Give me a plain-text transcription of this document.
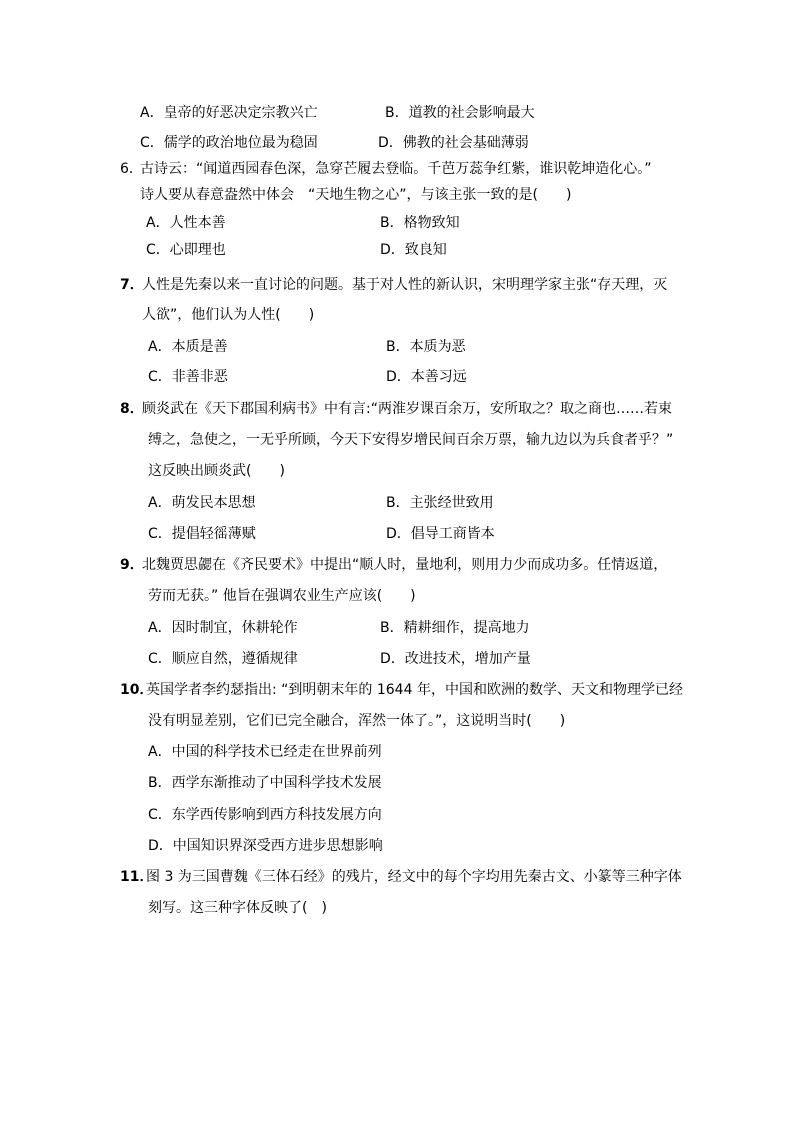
A．皇帝的好恶决定宗教兴亡	B．道教的社会影响最大
C．儒学的政治地位最为稳固	D．佛教的社会基础薄弱
6．
古诗云：“闻道西园春色深，急穿芒履去登临。千芭万蕊争红紫，谁识乾坤造化心。”
诗人要从春意盎然中体会　“天地生物之心”，与该主张一致的是(　　)
A．人性本善	B．格物致知
C．心即理也	D．致良知
7．
人性是先秦以来一直讨论的问题。基于对人性的新认识，宋明理学家主张“存天理，灭
人欲”，他们认为人性(　　)
A．本质是善	B．本质为恶
C．非善非恶	D．本善习远
8．
顾炎武在《天下郡国利病书》中有言:“两淮岁课百余万，安所取之？取之商也……若束
缚之，急使之，一无乎所顾，今天下安得岁增民间百余万票，输九边以为兵食者乎？”
这反映出顾炎武(　　)
A．萌发民本思想	B．主张经世致用
C．提倡轻徭薄赋	D．倡导工商皆本
9．
北魏贾思勰在《齐民要术》中提出“顺人时，量地利，则用力少而成功多。任情返道，
劳而无获。” 他旨在强调农业生产应该(　　)
A．因时制宜，休耕轮作	B．精耕细作，提高地力
C．顺应自然，遵循规律	D．改进技术，增加产量
10．
英国学者李约瑟指出: “到明朝末年的 1644 年，中国和欧洲的数学、天文和物理学已经
没有明显差别，它们已完全融合，浑然一体了。”，这说明当时(　　)
A．中国的科学技术已经走在世界前列
B．西学东渐推动了中国科学技术发展
C．东学西传影响到西方科技发展方向
D．中国知识界深受西方进步思想影响
11．
图 3 为三国曹魏《三体石经》的残片，经文中的每个字均用先秦古文、小篆等三种字体
刻写。这三种字体反映了(　)
